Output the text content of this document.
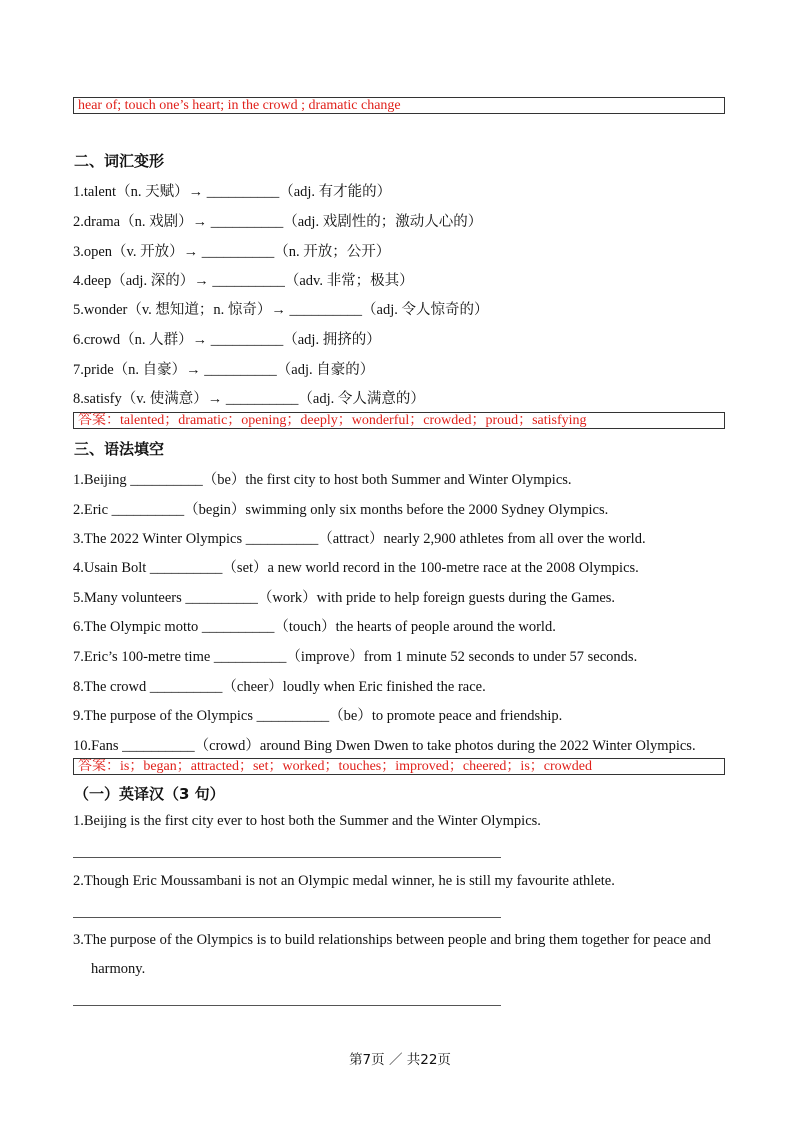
hear of; touch one’s heart; in the crowd ; dramatic change
二、词汇变形
1.talent（n. 天赋）→ __________（adj. 有才能的）
2.drama（n. 戏剧）→ __________（adj. 戏剧性的；激动人心的）
3.open（v. 开放）→ __________（n. 开放；公开）
4.deep（adj. 深的）→ __________（adv. 非常；极其）
5.wonder（v. 想知道；n. 惊奇）→ __________（adj. 令人惊奇的）
6.crowd（n. 人群）→ __________（adj. 拥挤的）
7.pride（n. 自豪）→ __________（adj. 自豪的）
8.satisfy（v. 使满意）→ __________（adj. 令人满意的）
答案：talented；dramatic；opening；deeply；wonderful；crowded；proud；satisfying
三、语法填空
1.Beijing __________（be）the first city to host both Summer and Winter Olympics.
2.Eric __________（begin）swimming only six months before the 2000 Sydney Olympics.
3.The 2022 Winter Olympics __________（attract）nearly 2,900 athletes from all over the world.
4.Usain Bolt __________（set）a new world record in the 100-metre race at the 2008 Olympics.
5.Many volunteers __________（work）with pride to help foreign guests during the Games.
6.The Olympic motto __________（touch）the hearts of people around the world.
7.Eric’s 100-metre time __________（improve）from 1 minute 52 seconds to under 57 seconds.
8.The crowd __________（cheer）loudly when Eric finished the race.
9.The purpose of the Olympics __________（be）to promote peace and friendship.
10.Fans __________（crowd）around Bing Dwen Dwen to take photos during the 2022 Winter Olympics.
答案：is；began；attracted；set；worked；touches；improved；cheered；is；crowded
（一）英译汉（3 句）
1.Beijing is the first city ever to host both the Summer and the Winter Olympics.
2.Though Eric Moussambani is not an Olympic medal winner, he is still my favourite athlete.
3.The purpose of the Olympics is to build relationships between people and bring them together for peace and
harmony.
第7页 ／ 共22页
